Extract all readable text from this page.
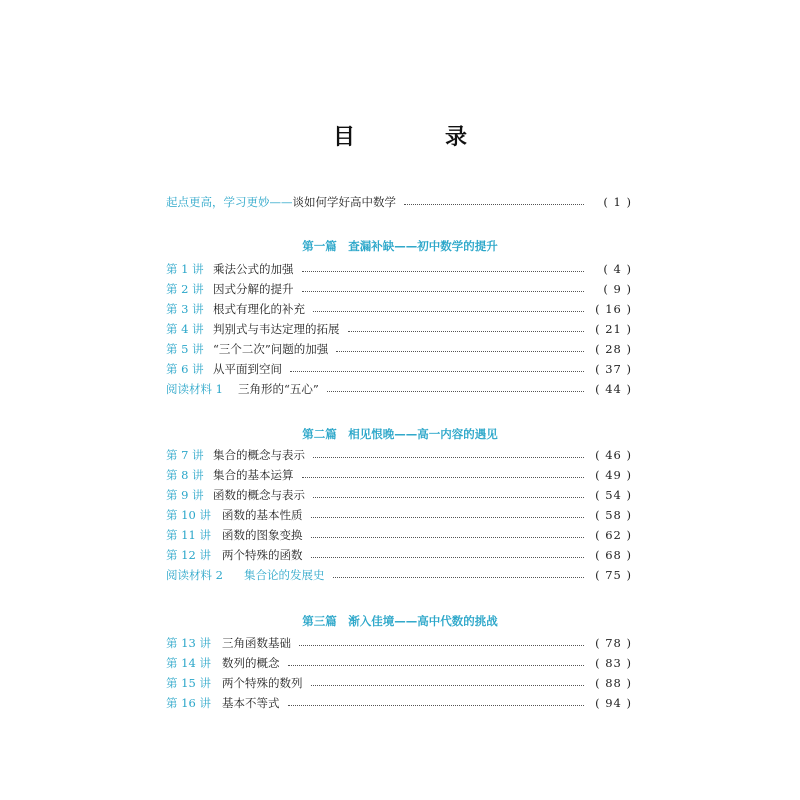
目　录
起点更高，学习更妙—— 谈如何学好高中数学	( 1 )
第一篇　查漏补缺——初中数学的提升
第 1 讲 乘法公式的加强	( 4 )
第 2 讲 因式分解的提升	( 9 )
第 3 讲 根式有理化的补充	( 16 )
第 4 讲 判别式与韦达定理的拓展	( 21 )
第 5 讲 “三个二次”问题的加强	( 28 )
第 6 讲 从平面到空间	( 37 )
阅读材料 1	三角形的“五心”	( 44 )
第二篇　相见恨晚——高一内容的遇见
第 7 讲 集合的概念与表示	( 46 )
第 8 讲 集合的基本运算	( 49 )
第 9 讲 函数的概念与表示	( 54 )
第 10 讲 函数的基本性质	( 58 )
第 11 讲 函数的图象变换	( 62 )
第 12 讲 两个特殊的函数	( 68 )
阅读材料 2	集合论的发展史	( 75 )
第三篇　渐入佳境——高中代数的挑战
第 13 讲 三角函数基础	( 78 )
第 14 讲 数列的概念	( 83 )
第 15 讲 两个特殊的数列	( 88 )
第 16 讲 基本不等式	( 94 )
